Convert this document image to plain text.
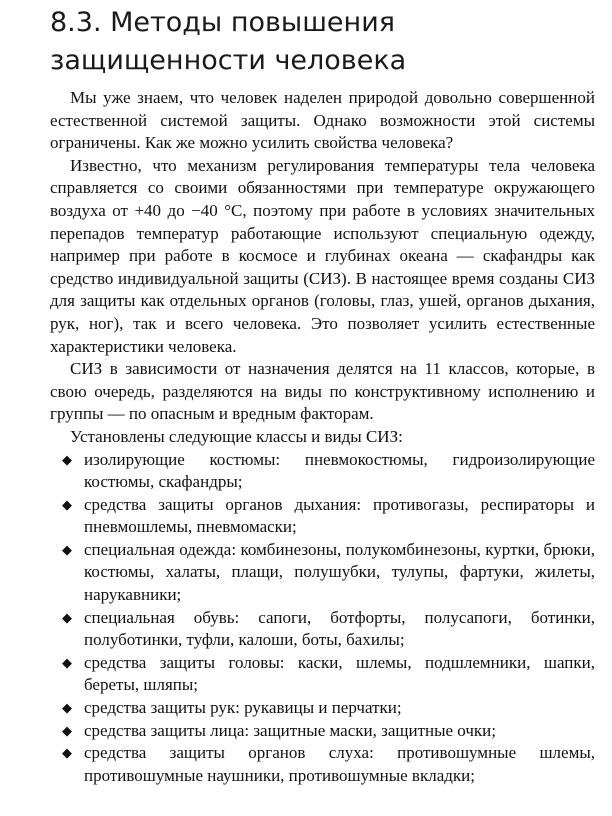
8.3. Методы повышения защищенности человека

Мы уже знаем, что человек наделен природой довольно совершенной естественной системой защиты. Однако возможности этой системы ограничены. Как же можно усилить свойства человека?

Известно, что механизм регулирования температуры тела человека справляется со своими обязанностями при температуре окружающего воздуха от +40 до −40 °С, поэтому при работе в условиях значительных перепадов температур работающие используют специальную одежду, например при работе в космосе и глубинах океана — скафандры как средство индивидуальной защиты (СИЗ). В настоящее время созданы СИЗ для защиты как отдельных органов (головы, глаз, ушей, органов дыхания, рук, ног), так и всего человека. Это позволяет усилить естественные характеристики человека.

СИЗ в зависимости от назначения делятся на 11 классов, которые, в свою очередь, разделяются на виды по конструктивному исполнению и группы — по опасным и вредным факторам.

Установлены следующие классы и виды СИЗ:

◆ изолирующие костюмы: пневмокостюмы, гидроизолирующие костюмы, скафандры;
◆ средства защиты органов дыхания: противогазы, респираторы и пневмошлемы, пневмомаски;
◆ специальная одежда: комбинезоны, полукомбинезоны, куртки, брюки, костюмы, халаты, плащи, полушубки, тулупы, фартуки, жилеты, нарукавники;
◆ специальная обувь: сапоги, ботфорты, полусапоги, ботинки, полуботинки, туфли, калоши, боты, бахилы;
◆ средства защиты головы: каски, шлемы, подшлемники, шапки, береты, шляпы;
◆ средства защиты рук: рукавицы и перчатки;
◆ средства защиты лица: защитные маски, защитные очки;
◆ средства защиты органов слуха: противошумные шлемы, противошумные наушники, противошумные вкладки;
